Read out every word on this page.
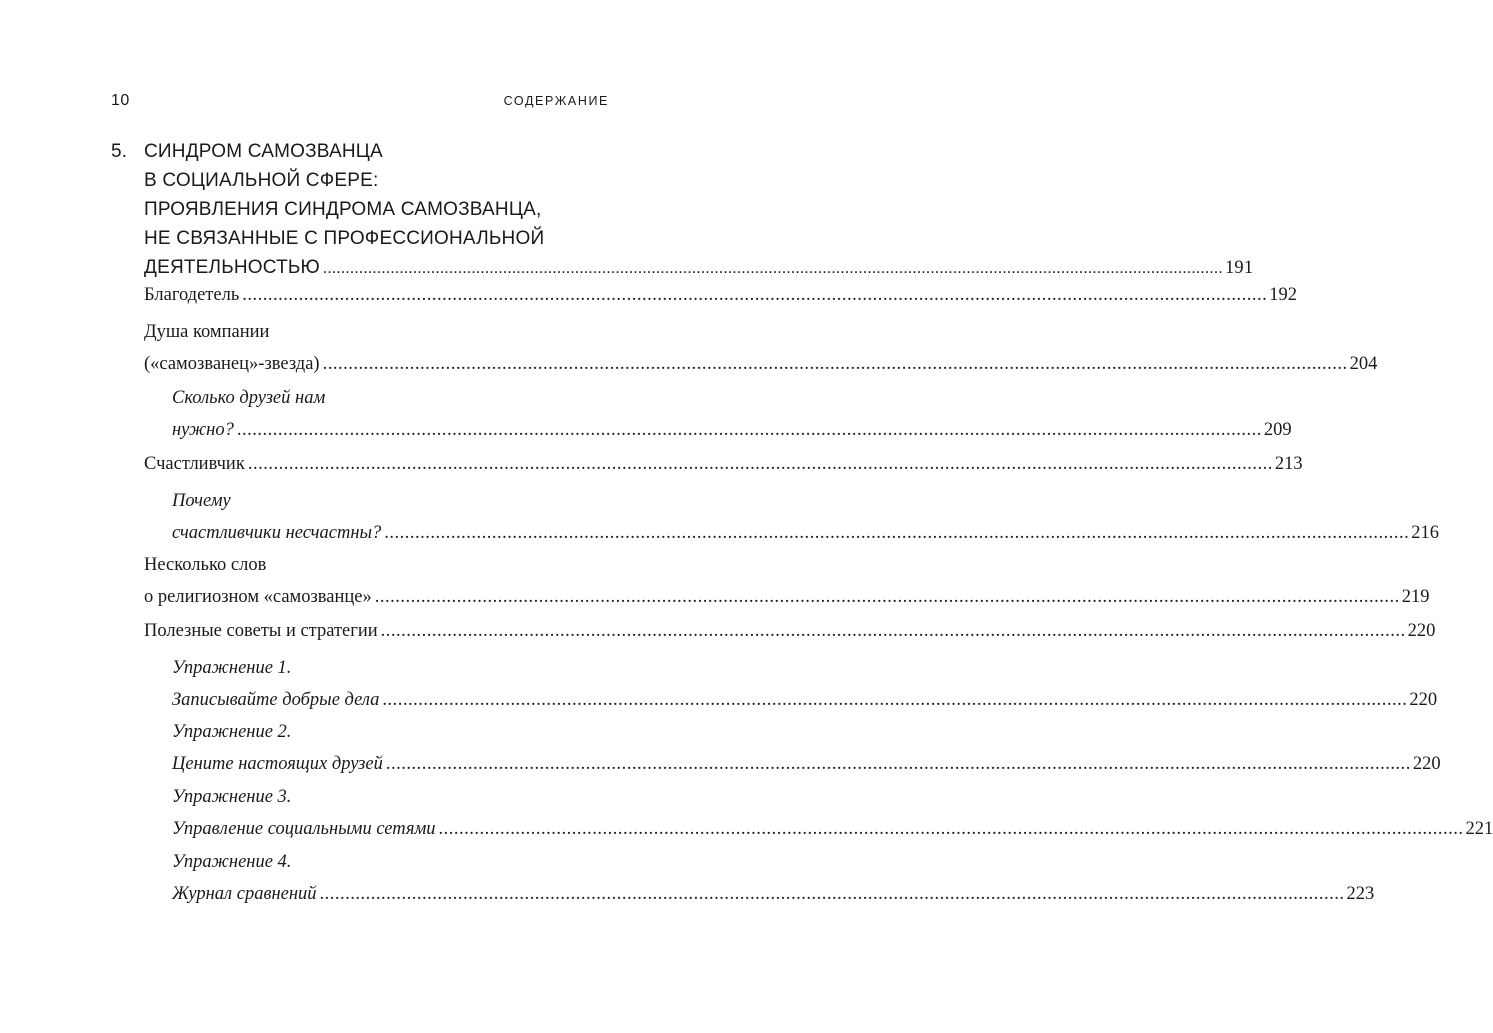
10	СОДЕРЖАНИЕ
5. СИНДРОМ САМОЗВАНЦА
В СОЦИАЛЬНОЙ СФЕРЕ:
ПРОЯВЛЕНИЯ СИНДРОМА САМОЗВАНЦА,
НЕ СВЯЗАННЫЕ С ПРОФЕССИОНАЛЬНОЙ
ДЕЯТЕЛЬНОСТЬЮ ........................................................................................................................................................................................................ 191
Благодетель ........................................................................................................................................................................................................ 192
Душа компании
(«самозванец»-звезда) ........................................................................................................................................................................................................ 204
Сколько друзей нам
нужно? ........................................................................................................................................................................................................ 209
Счастливчик ........................................................................................................................................................................................................ 213
Почему
счастливчики несчастны? ........................................................................................................................................................................................................ 216
Несколько слов
о религиозном «самозванце» ........................................................................................................................................................................................................ 219
Полезные советы и стратегии ........................................................................................................................................................................................................ 220
Упражнение 1.
Записывайте добрые дела ........................................................................................................................................................................................................ 220
Упражнение 2.
Цените настоящих друзей ........................................................................................................................................................................................................ 220
Упражнение 3.
Управление социальными сетями ........................................................................................................................................................................................................ 221
Упражнение 4.
Журнал сравнений ........................................................................................................................................................................................................ 223
